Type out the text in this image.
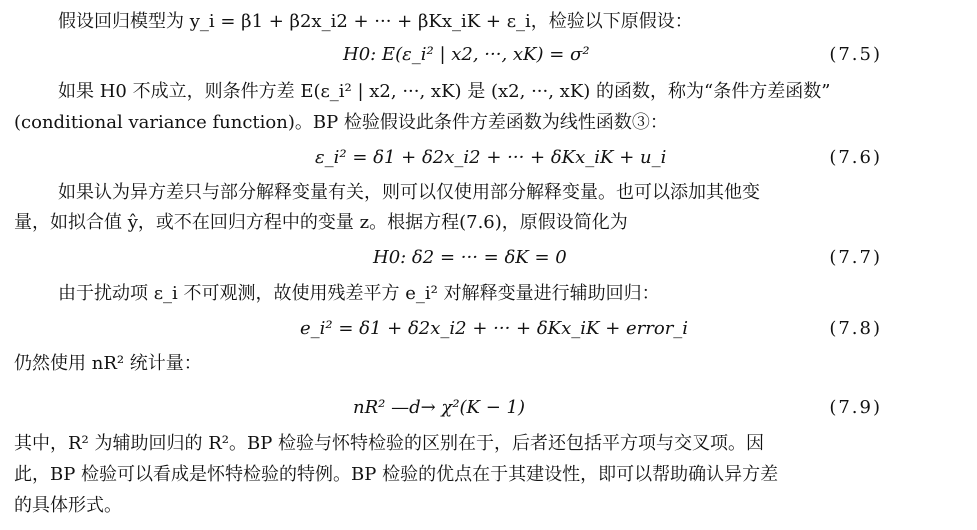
假设回归模型为 y_i = β1 + β2x_i2 + ··· + βKx_iK + ε_i，检验以下原假设：
H0: E(ε_i² | x2, ···, xK) = σ²	(7.5)
如果 H0 不成立，则条件方差 E(ε_i² | x2, ···, xK) 是 (x2, ···, xK) 的函数，称为“条件方差函数”
(conditional variance function)。BP 检验假设此条件方差函数为线性函数③：
ε_i² = δ1 + δ2x_i2 + ··· + δKx_iK + u_i	(7.6)
如果认为异方差只与部分解释变量有关，则可以仅使用部分解释变量。也可以添加其他变
量，如拟合值 ŷ，或不在回归方程中的变量 z。根据方程(7.6)，原假设简化为
H0: δ2 = ··· = δK = 0	(7.7)
由于扰动项 ε_i 不可观测，故使用残差平方 e_i² 对解释变量进行辅助回归：
e_i² = δ1 + δ2x_i2 + ··· + δKx_iK + error_i	(7.8)
仍然使用 nR² 统计量：
nR² —d→ χ²(K − 1)	(7.9)
其中，R² 为辅助回归的 R²。BP 检验与怀特检验的区别在于，后者还包括平方项与交叉项。因
此，BP 检验可以看成是怀特检验的特例。BP 检验的优点在于其建设性，即可以帮助确认异方差
的具体形式。
